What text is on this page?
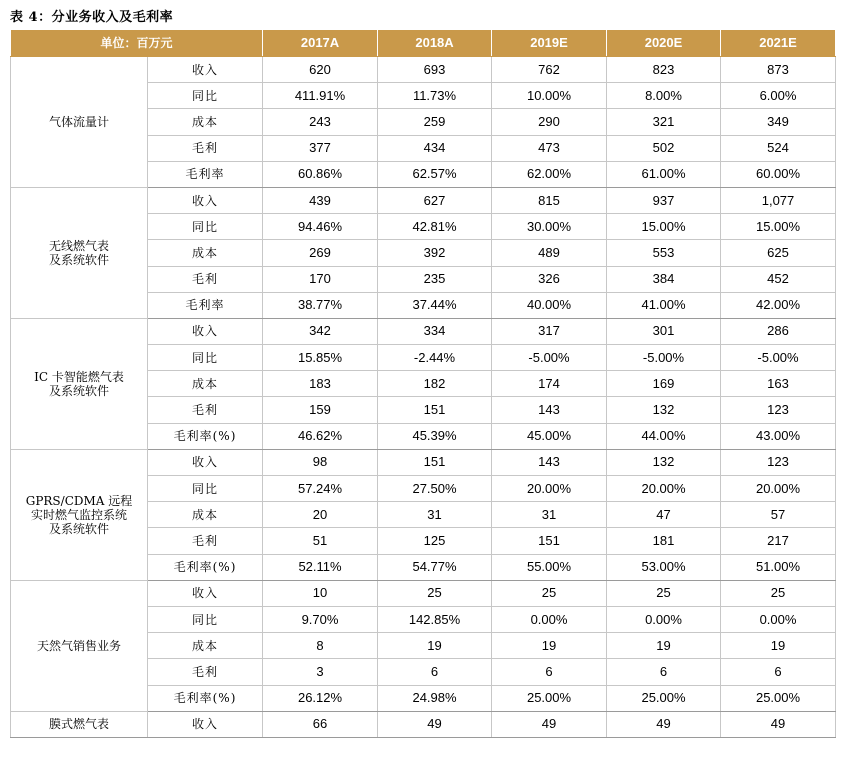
表 4：分业务收入及毛利率
单位：百万元		2017A	2018A	2019E	2020E	2021E

气体流量计	收入	620	693	762	823	873
	同比	411.91%	11.73%	10.00%	8.00%	6.00%
	成本	243	259	290	321	349
	毛利	377	434	473	502	524
	毛利率	60.86%	62.57%	62.00%	61.00%	60.00%

无线燃气表
及系统软件	收入	439	627	815	937	1,077
	同比	94.46%	42.81%	30.00%	15.00%	15.00%
	成本	269	392	489	553	625
	毛利	170	235	326	384	452
	毛利率	38.77%	37.44%	40.00%	41.00%	42.00%

IC 卡智能燃气表
及系统软件	收入	342	334	317	301	286
	同比	15.85%	-2.44%	-5.00%	-5.00%	-5.00%
	成本	183	182	174	169	163
	毛利	159	151	143	132	123
	毛利率(%)	46.62%	45.39%	45.00%	44.00%	43.00%

GPRS/CDMA 远程
实时燃气监控系统
及系统软件	收入	98	151	143	132	123
	同比	57.24%	27.50%	20.00%	20.00%	20.00%
	成本	20	31	31	47	57
	毛利	51	125	151	181	217
	毛利率(%)	52.11%	54.77%	55.00%	53.00%	51.00%

天然气销售业务	收入	10	25	25	25	25
	同比	9.70%	142.85%	0.00%	0.00%	0.00%
	成本	8	19	19	19	19
	毛利	3	6	6	6	6
	毛利率(%)	26.12%	24.98%	25.00%	25.00%	25.00%

膜式燃气表	收入	66	49	49	49	49
